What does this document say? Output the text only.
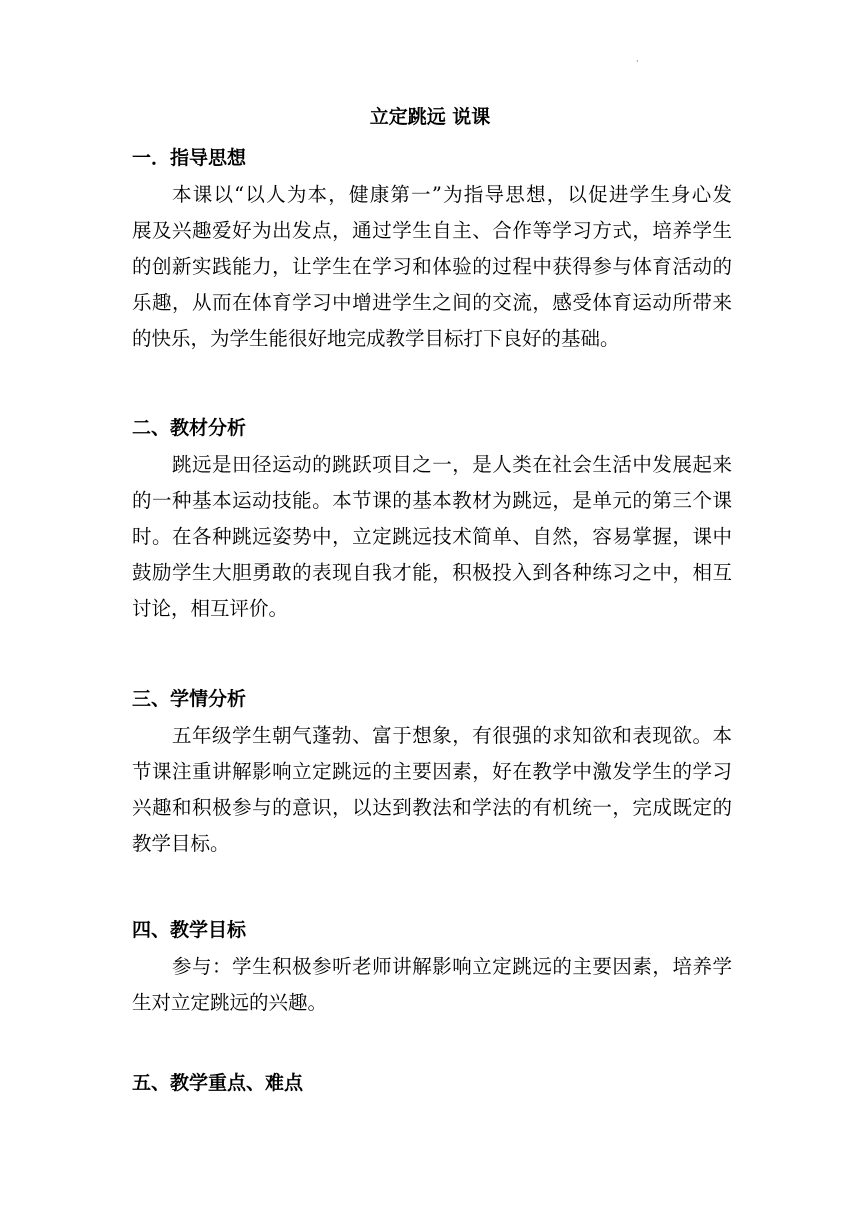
·
立定跳远 说课
一．指导思想

本课以“以人为本，健康第一”为指导思想，以促进学生身心发
展及兴趣爱好为出发点，通过学生自主、合作等学习方式，培养学生
的创新实践能力，让学生在学习和体验的过程中获得参与体育活动的
乐趣，从而在体育学习中增进学生之间的交流，感受体育运动所带来
的快乐，为学生能很好地完成教学目标打下良好的基础。

二、教材分析

跳远是田径运动的跳跃项目之一，是人类在社会生活中发展起来
的一种基本运动技能。本节课的基本教材为跳远，是单元的第三个课
时。在各种跳远姿势中，立定跳远技术简单、自然，容易掌握，课中
鼓励学生大胆勇敢的表现自我才能，积极投入到各种练习之中，相互
讨论，相互评价。

三、学情分析

五年级学生朝气蓬勃、富于想象，有很强的求知欲和表现欲。本
节课注重讲解影响立定跳远的主要因素，好在教学中激发学生的学习
兴趣和积极参与的意识，以达到教法和学法的有机统一，完成既定的
教学目标。

四、教学目标

参与：学生积极参听老师讲解影响立定跳远的主要因素，培养学
生对立定跳远的兴趣。

五、教学重点、难点
